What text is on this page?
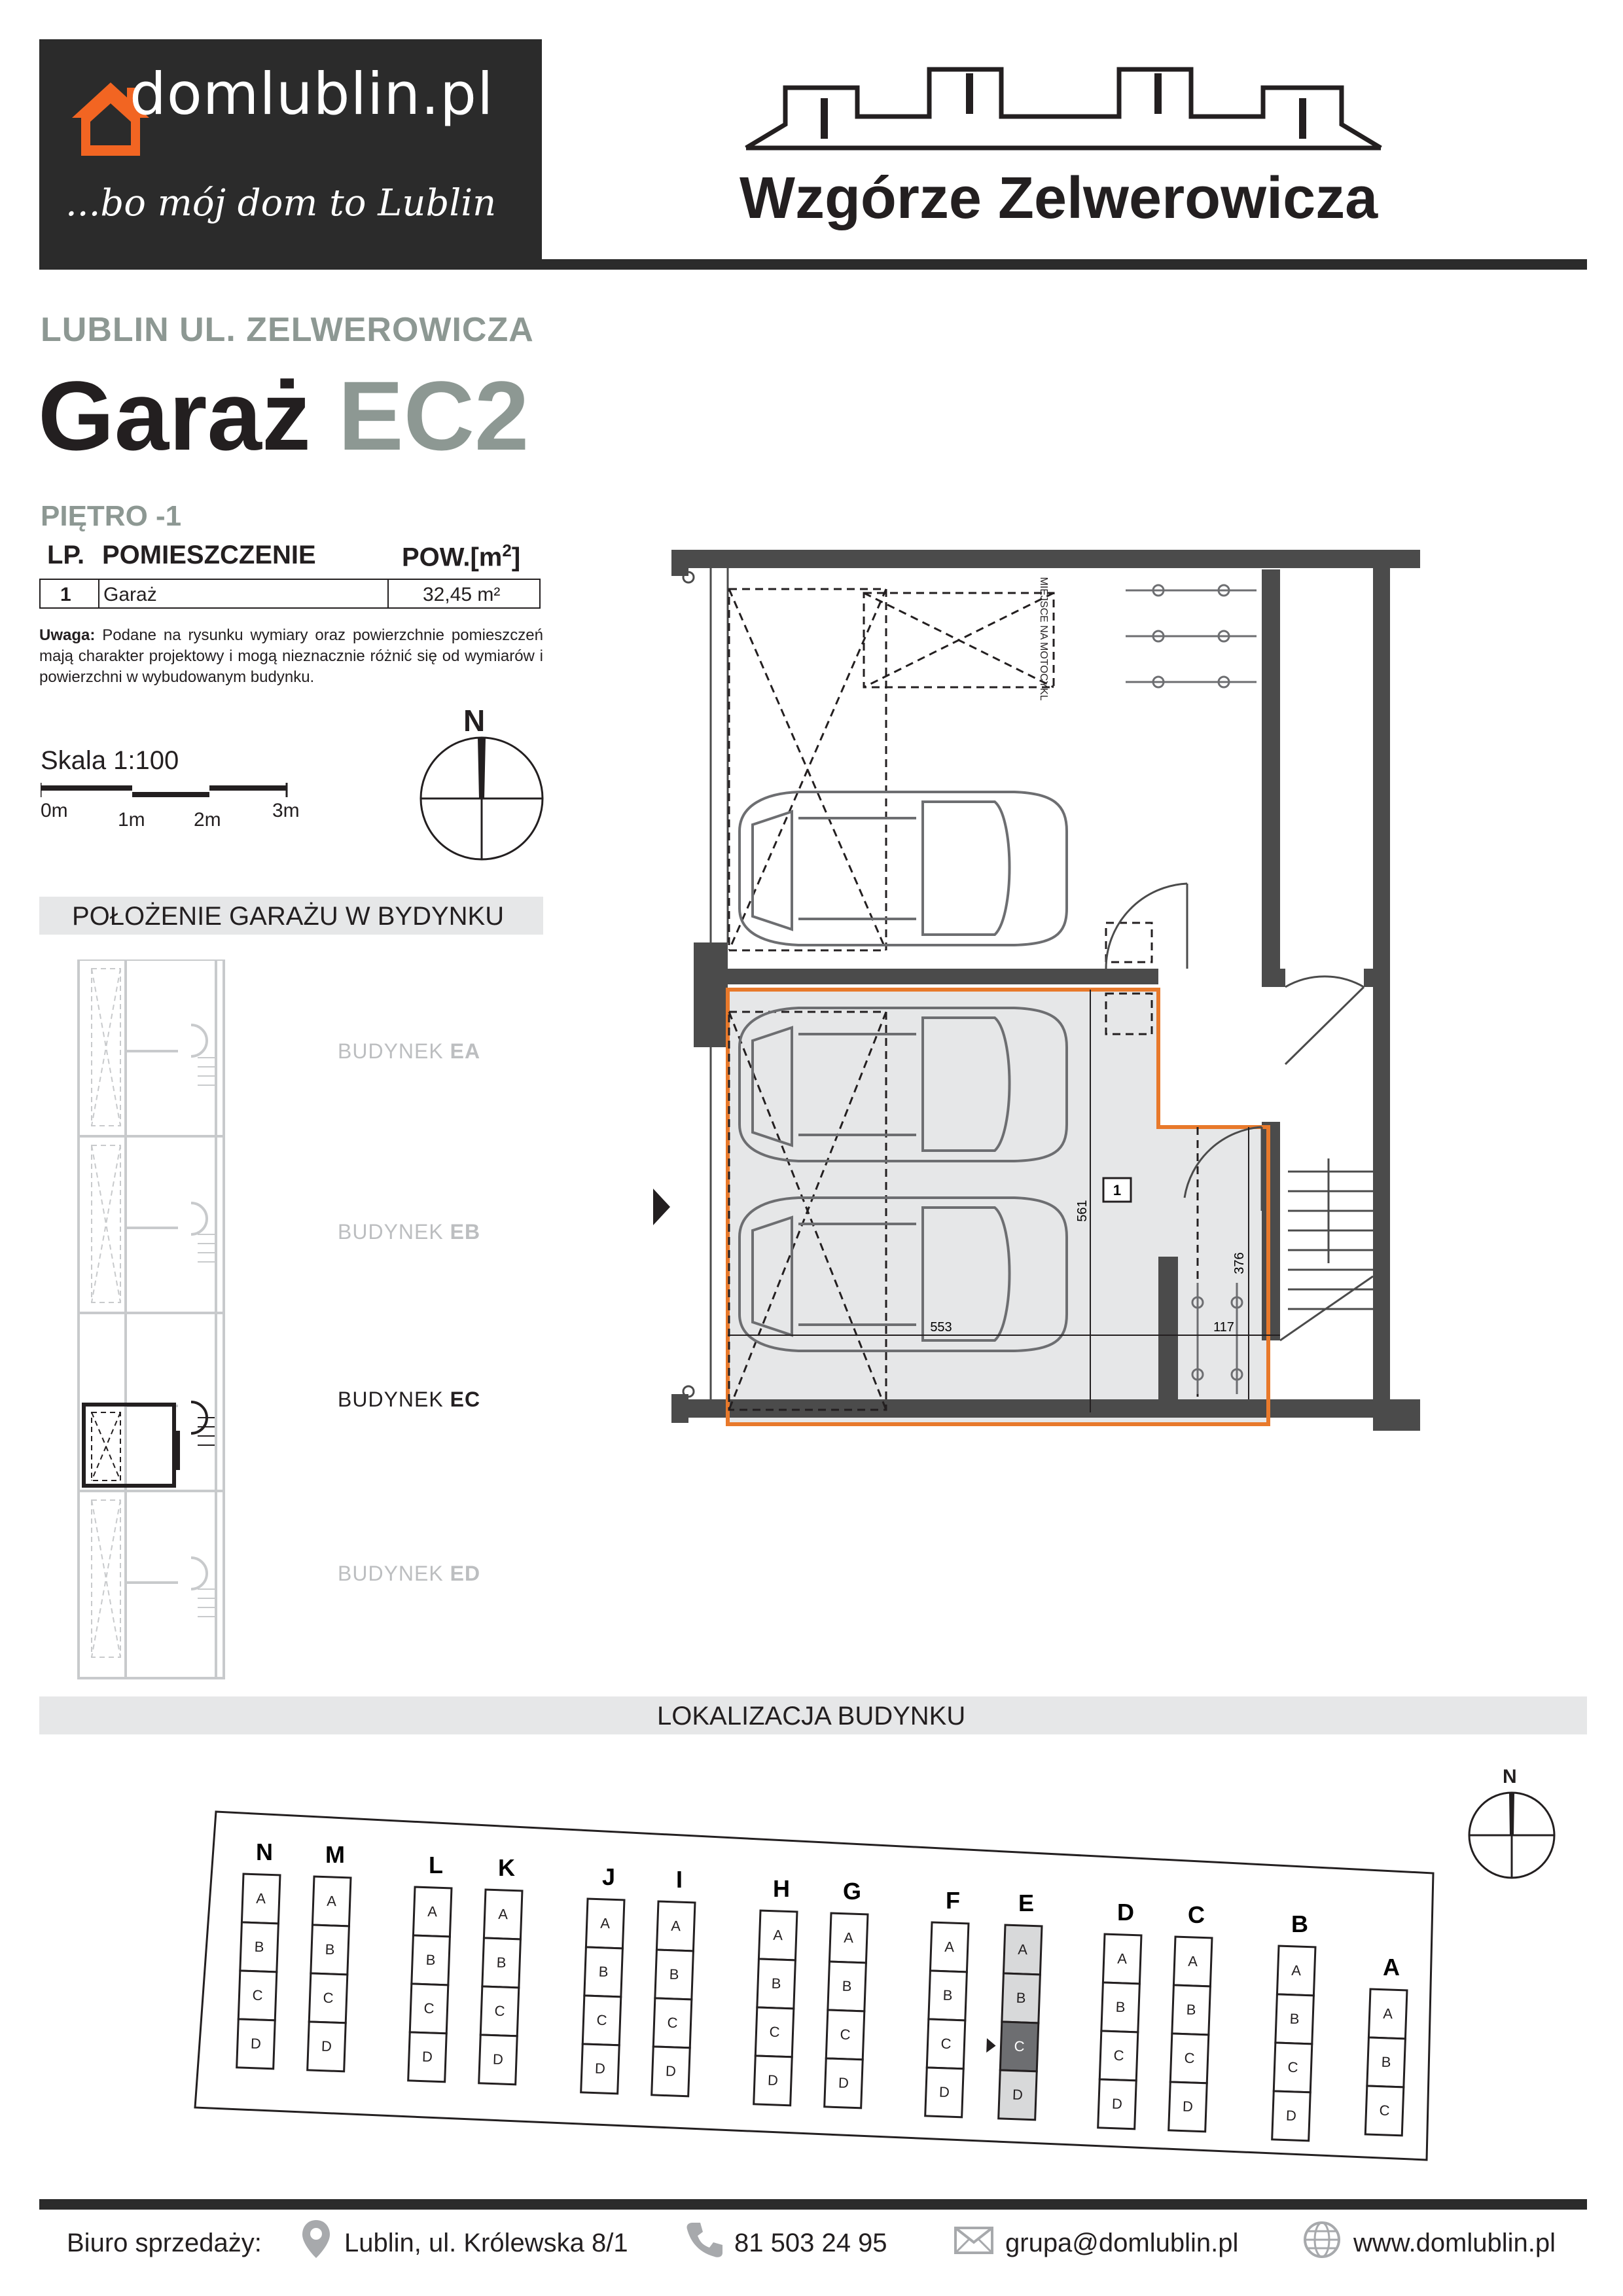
domlublin.pl
...bo mój dom to Lublin	Wzgórze Zelwerowicza
LUBLIN UL. ZELWEROWICZA
Garaż EC2
PIĘTRO -1
LP. POMIESZCZENIE	$POW.[m^2]$
1 Garaż	32,45 m²
Uwaga: Podane na rysunku wymiary oraz powierzchnie pomieszczeń mają charakter projektowy i mogą nieznacznie różnić się od wymiarów i powierzchni w wybudowanym budynku.
Skala 1:100
0m	1m 2m	3m
N
POŁOŻENIE GARAŻU W BYDYNKU
BUDYNEK EA
BUDYNEK EB
BUDYNEK EC
BUDYNEK ED
MIEJSCE NA MOTOCYKL
561
553
376
117
1
LOKALIZACJA BUDYNKU
N
A
B
C
D
M
A
B
C
D
L
A
B
C
D
K
A
B
C
D
J
A
B
C
D
I
A
B
C
D
H
A
B
C
D
G
A
B
C
D
F
A
B
C
D
E
A
B
C
D
D
A
B
C
D
C
A
B
C
D
B
A
B
C
D
A
A
B
C
N
Biuro sprzedaży:	Lublin, ul. Królewska 8/1	81 503 24 95	grupa@domlublin.pl	www.domlublin.pl
